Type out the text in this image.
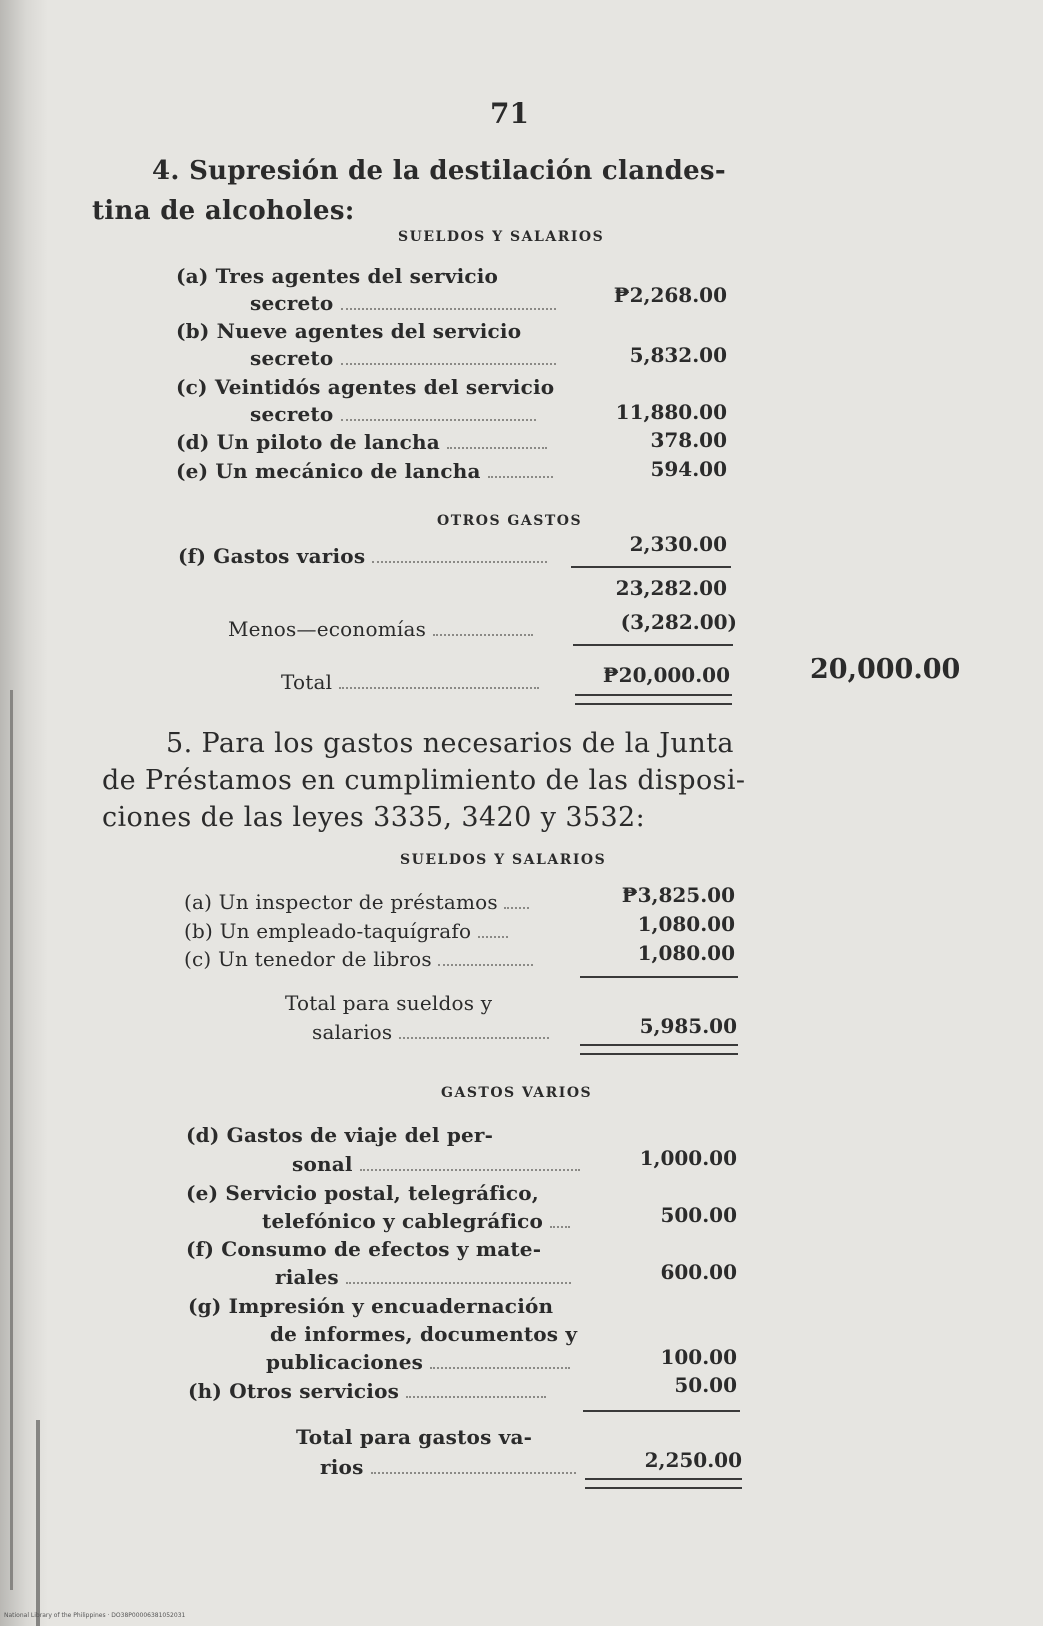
71
4. Supresión de la destilación clandes-
tina de alcoholes:
SUELDOS Y SALARIOS
(a) Tres agentes del servicio
secreto	₱2,268.00
(b) Nueve agentes del servicio
secreto	5,832.00
(c) Veintidós agentes del servicio
secreto	11,880.00
(d) Un piloto de lancha	378.00
(e) Un mecánico de lancha	594.00
OTROS GASTOS
(f) Gastos varios	2,330.00
23,282.00
Menos—economías	(3,282.00)
Total	₱20,000.00	20,000.00
5. Para los gastos necesarios de la Junta
de Préstamos en cumplimiento de las disposi-
ciones de las leyes 3335, 3420 y 3532:
SUELDOS Y SALARIOS
(a) Un inspector de préstamos	₱3,825.00
(b) Un empleado-taquígrafo	1,080.00
(c) Un tenedor de libros	1,080.00
Total para sueldos y
salarios	5,985.00
GASTOS VARIOS
(d) Gastos de viaje del per-
sonal	1,000.00
(e) Servicio postal, telegráfico,
telefónico y cablegráfico	500.00
(f) Consumo de efectos y mate-
riales	600.00
(g) Impresión y encuadernación
de informes, documentos y
publicaciones	100.00
(h) Otros servicios	50.00
Total para gastos va-
rios	2,250.00
National Library of the Philippines · DO38P00006381052031
